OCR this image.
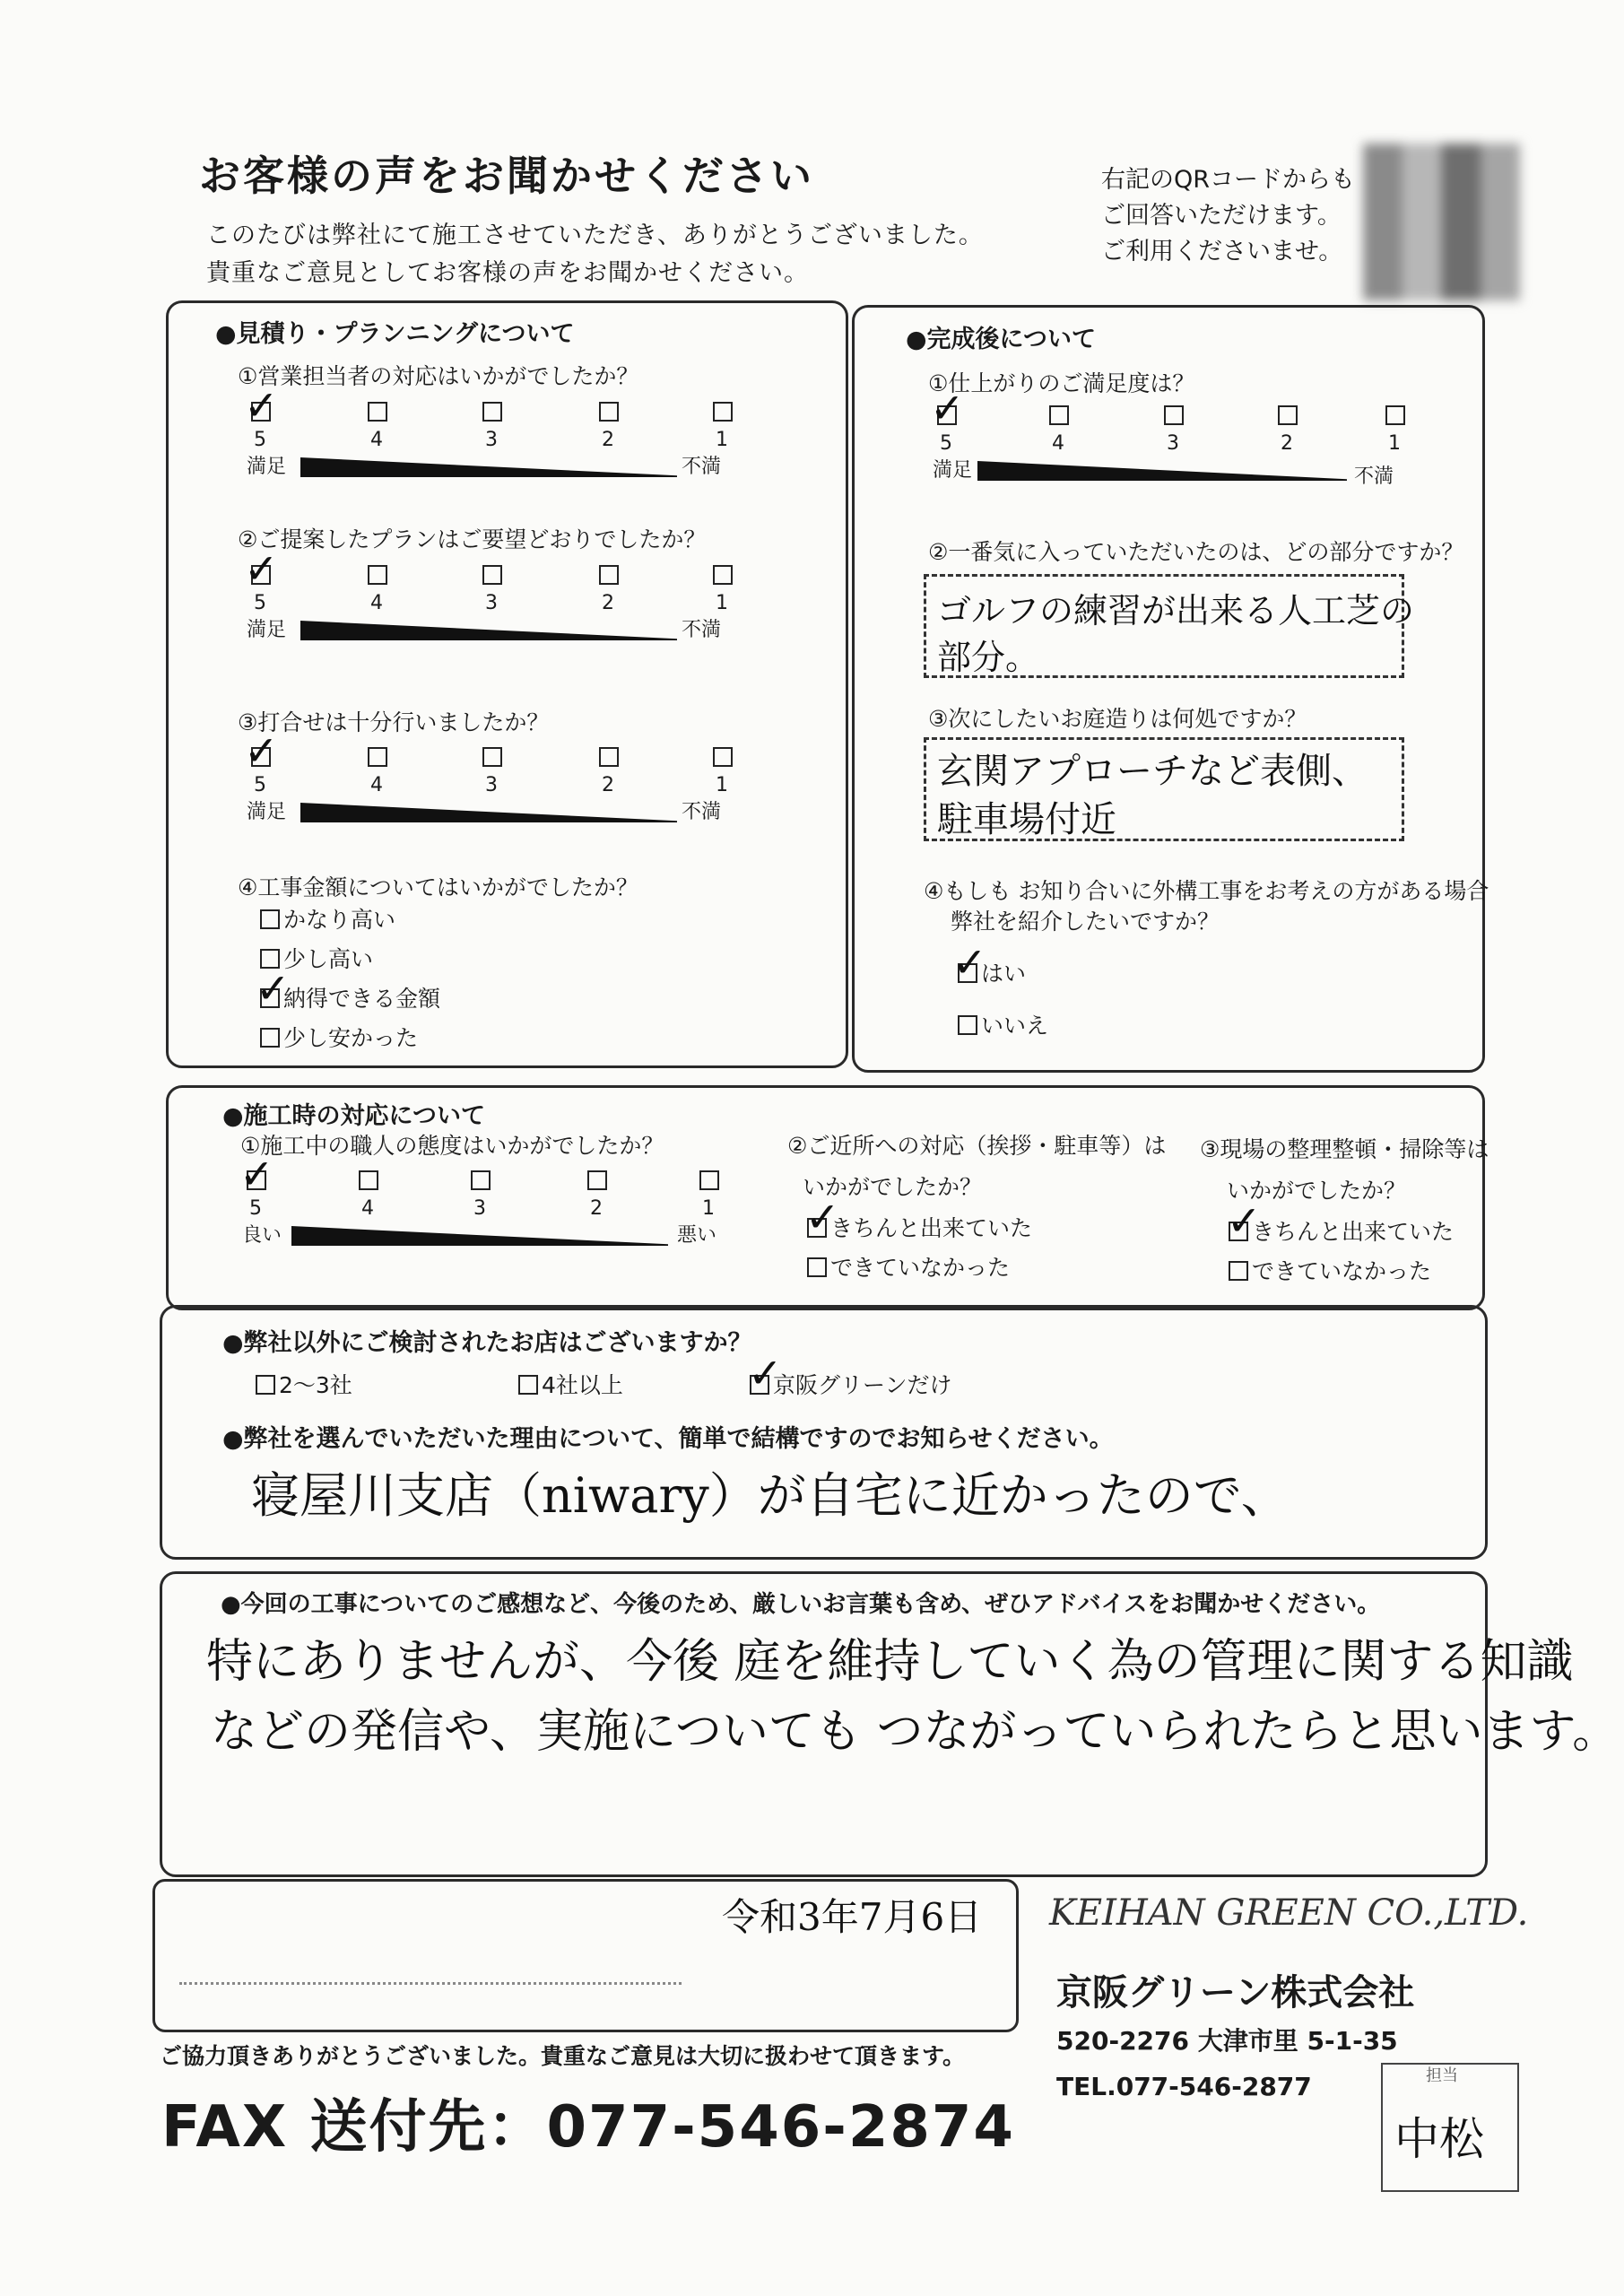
お客様の声をお聞かせください
このたびは弊社にて施工させていただき、ありがとうございました。
貴重なご意見としてお客様の声をお聞かせください。
右記のQRコードからも
ご回答いただけます。
ご利用くださいませ。
●見積り・プランニングについて
①営業担当者の対応はいかがでしたか？
5	4	3	2	1
満足	不満
✓
②ご提案したプランはご要望どおりでしたか？
5	4	3	2	1
満足	不満
✓
③打合せは十分行いましたか？
5	4	3	2	1
満足	不満
✓
④工事金額についてはいかがでしたか？
かなり高い
少し高い
納得できる金額
✓
少し安かった
●完成後について
①仕上がりのご満足度は？
5	4	3	2	1
満足	不満
✓
②一番気に入っていただいたのは、どの部分ですか？
ゴルフの練習が出来る人工芝の
部分。
③次にしたいお庭造りは何処ですか？
玄関アプローチなど表側、
駐車場付近
④もしも お知り合いに外構工事をお考えの方がある場合
弊社を紹介したいですか？
はい
✓
いいえ
●施工時の対応について
①施工中の職人の態度はいかがでしたか？
5	4	3	2	1
良い	悪い
✓
②ご近所への対応（挨拶・駐車等）は
いかがでしたか？
きちんと出来ていた
✓
できていなかった
③現場の整理整頓・掃除等は
いかがでしたか？
きちんと出来ていた
✓
できていなかった
●弊社以外にご検討されたお店はございますか？
2〜3社	4社以上	京阪グリーンだけ
✓
●弊社を選んでいただいた理由について、簡単で結構ですのでお知らせください。
寝屋川支店（niwary）が自宅に近かったので、
●今回の工事についてのご感想など、今後のため、厳しいお言葉も含め、ぜひアドバイスをお聞かせください。
特にありませんが、今後 庭を維持していく為の管理に関する知識
などの発信や、実施についても つながっていられたらと思います。
令和3年7月6日 KEIHAN GREEN CO.,LTD.
京阪グリーン株式会社
520-2276 大津市里 5-1-35
TEL.077-546-2877
ご協力頂きありがとうございました。貴重なご意見は大切に扱わせて頂きます。
FAX 送付先：077-546-2874
担当
中松
